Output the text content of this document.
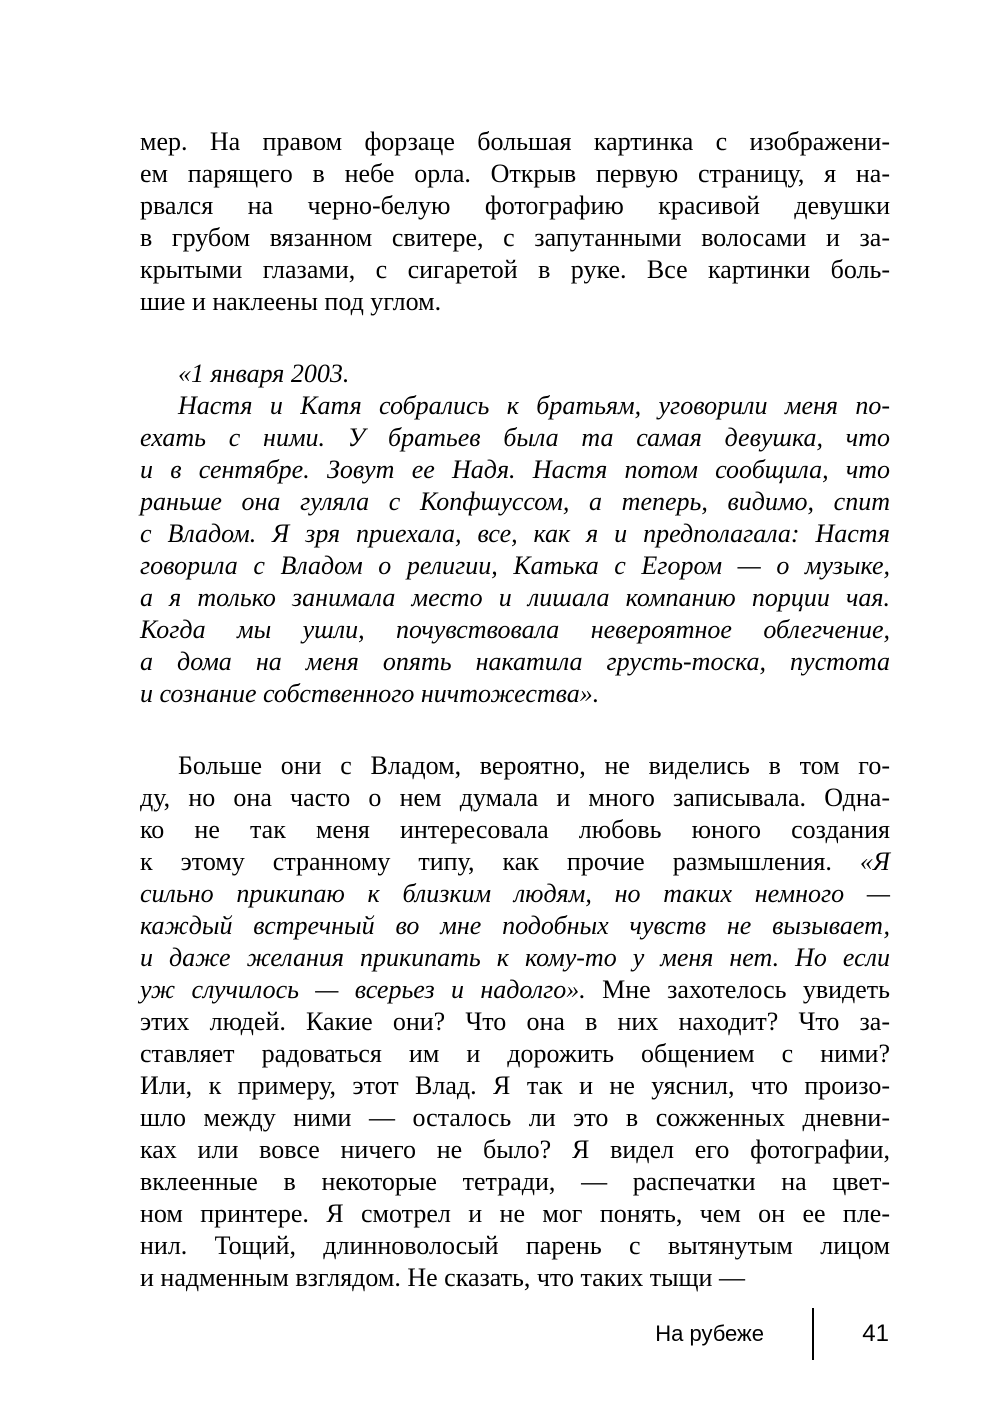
мер. На правом форзаце большая картинка с изображени-
ем парящего в небе орла. Открыв первую страницу, я на-
рвался на черно-белую фотографию красивой девушки
в грубом вязанном свитере, с запутанными волосами и за-
крытыми глазами, с сигаретой в руке. Все картинки боль-
шие и наклеены под углом.
«1 января 2003.
Настя и Катя собрались к братьям, уговорили меня по-
ехать с ними. У братьев была та самая девушка, что
и в сентябре. Зовут ее Надя. Настя потом сообщила, что
раньше она гуляла с Копфшуссом, а теперь, видимо, спит
с Владом. Я зря приехала, все, как я и предполагала: Настя
говорила с Владом о религии, Катька с Егором — о музыке,
а я только занимала место и лишала компанию порции чая.
Когда мы ушли, почувствовала невероятное облегчение,
а дома на меня опять накатила грусть-тоска, пустота
и сознание собственного ничтожества».
Больше они с Владом, вероятно, не виделись в том го-
ду, но она часто о нем думала и много записывала. Одна-
ко не так меня интересовала любовь юного создания
к этому странному типу, как прочие размышления. «Я
сильно прикипаю к близким людям, но таких немного —
каждый встречный во мне подобных чувств не вызывает,
и даже желания прикипать к кому-то у меня нет. Но если
уж случилось — всерьез и надолго». Мне захотелось увидеть
этих людей. Какие они? Что она в них находит? Что за-
ставляет радоваться им и дорожить общением с ними?
Или, к примеру, этот Влад. Я так и не уяснил, что произо-
шло между ними — осталось ли это в сожженных дневни-
ках или вовсе ничего не было? Я видел его фотографии,
вклеенные в некоторые тетради, — распечатки на цвет-
ном принтере. Я смотрел и не мог понять, чем он ее пле-
нил. Тощий, длинноволосый парень с вытянутым лицом
и надменным взглядом. Не сказать, что таких тыщи —
На рубеже	41
